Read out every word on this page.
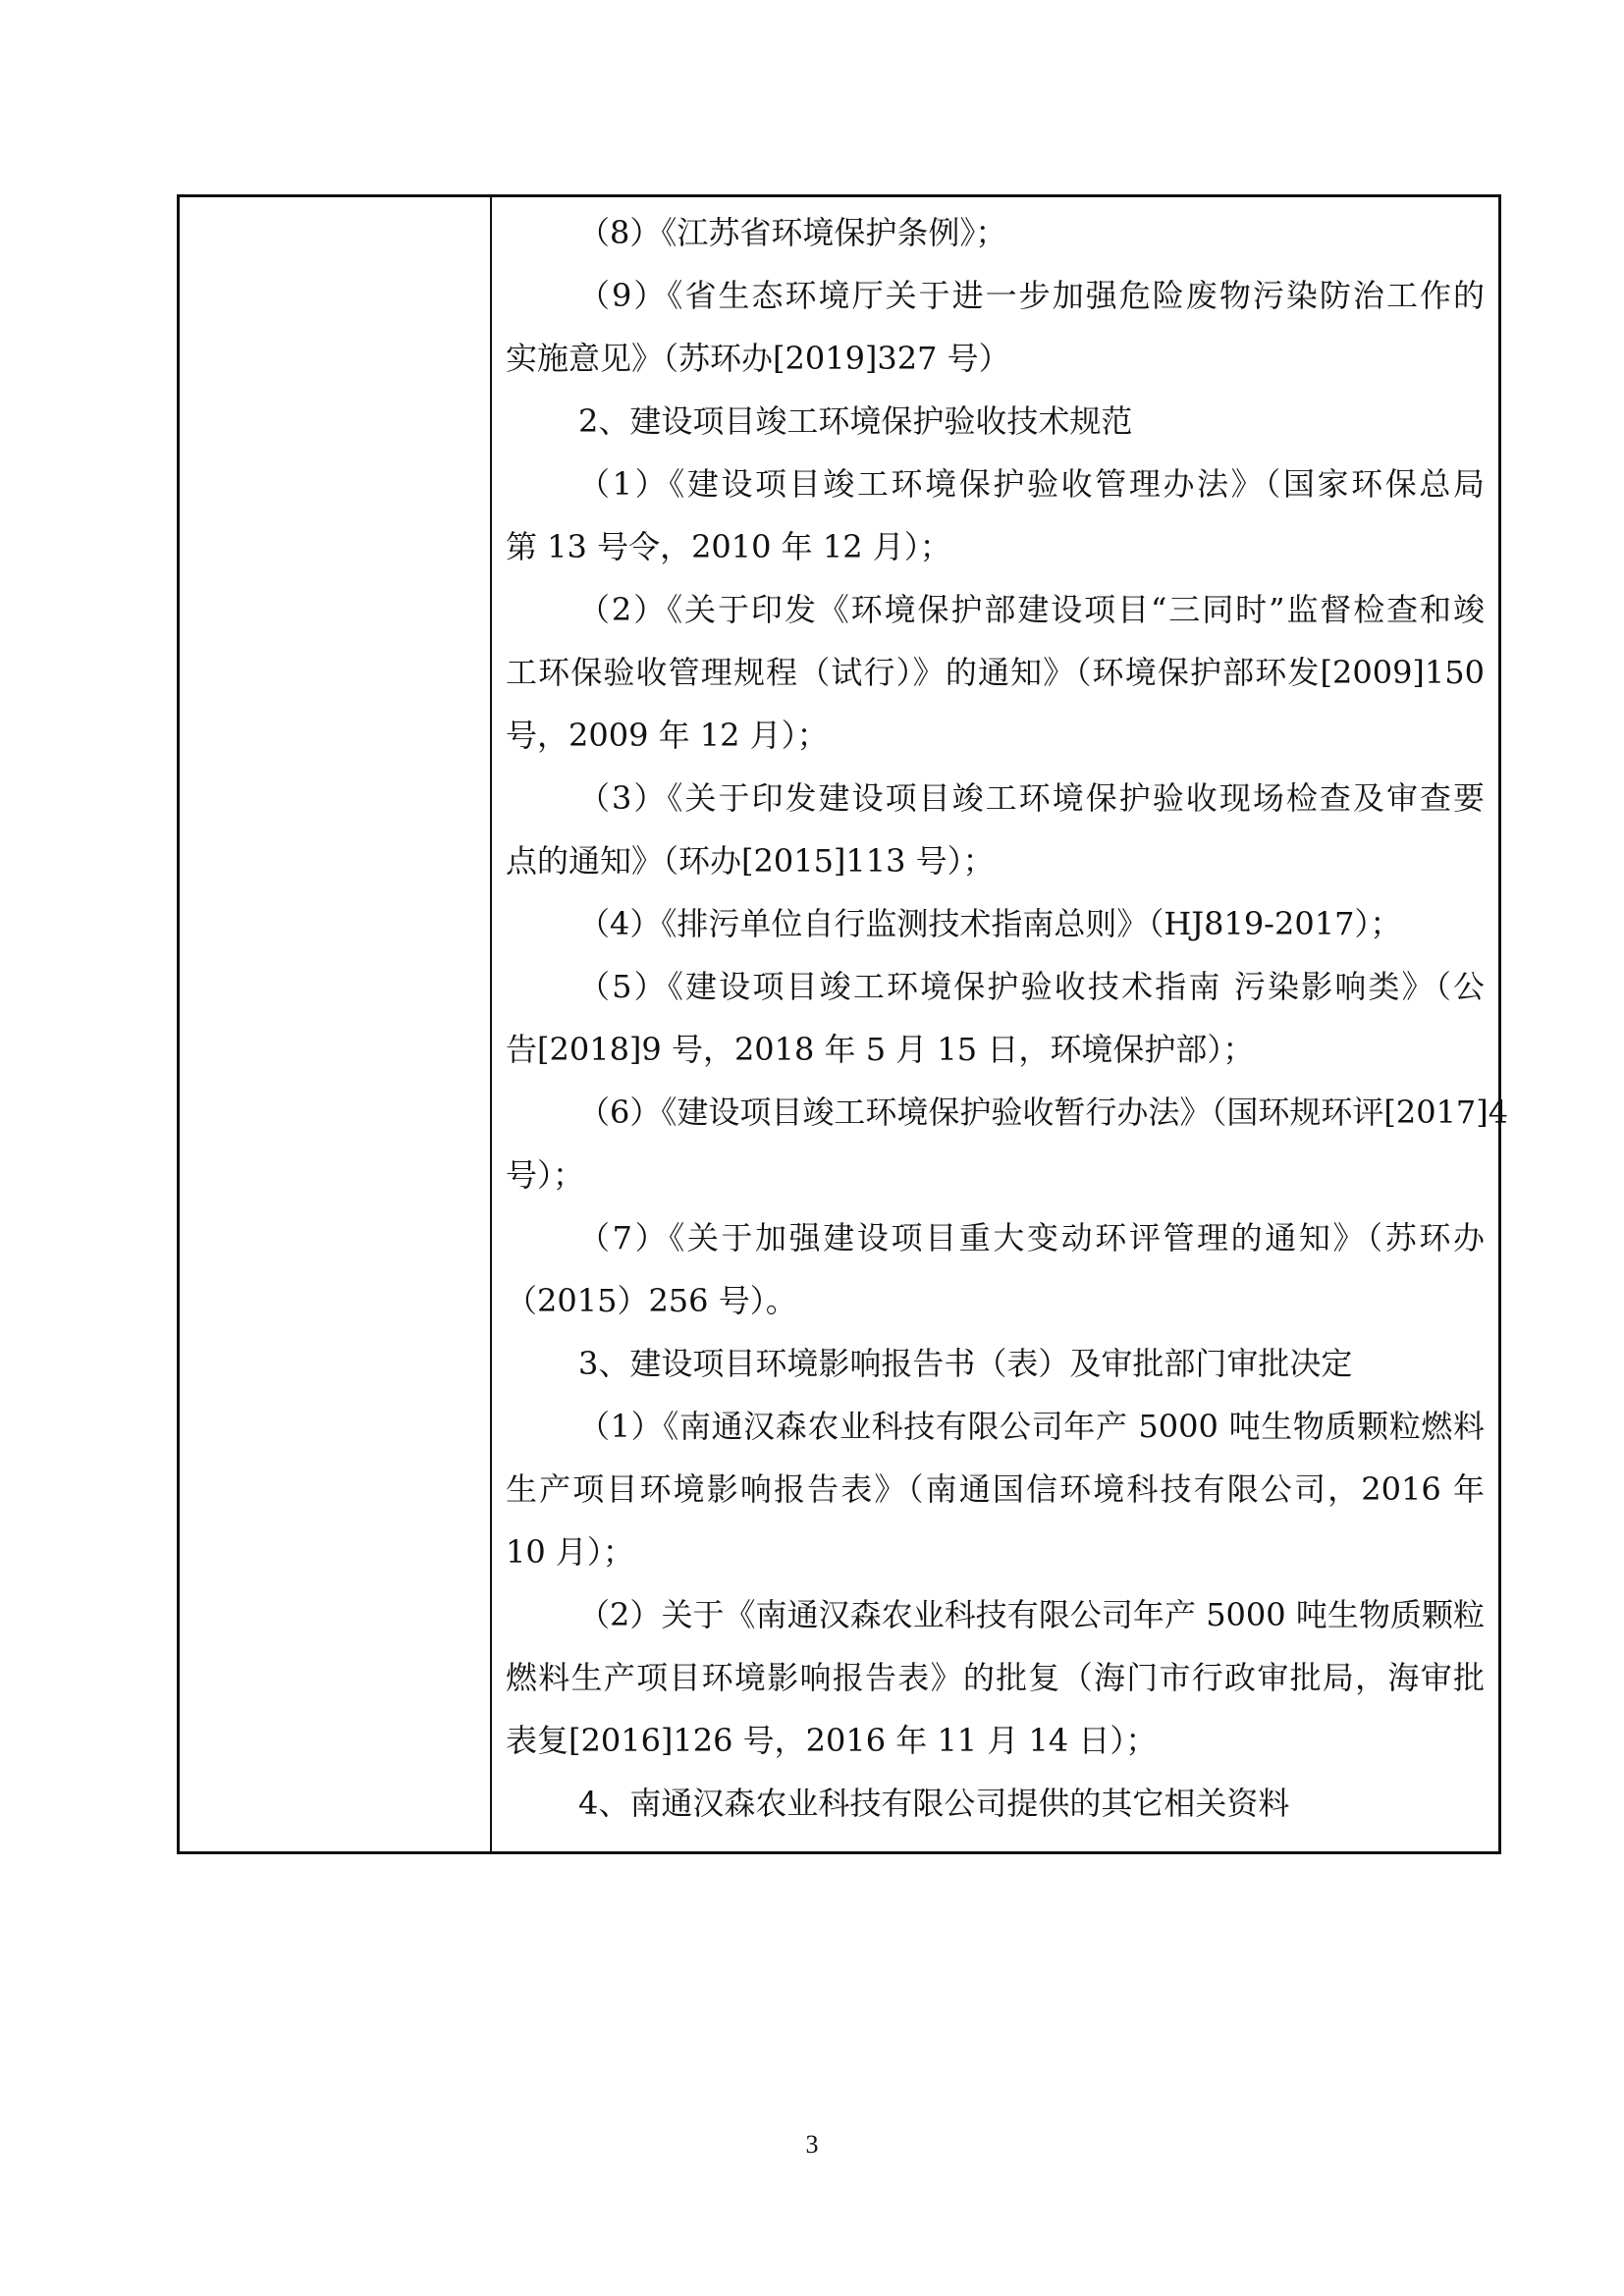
（8）《江苏省环境保护条例》；
（9）《省生态环境厅关于进一步加强危险废物污染防治工作的
实施意见》（苏环办[2019]327 号）
2、建设项目竣工环境保护验收技术规范
（1）《建设项目竣工环境保护验收管理办法》（国家环保总局
第 13 号令，2010 年 12 月）；
（2）《关于印发《环境保护部建设项目“三同时”监督检查和竣
工环保验收管理规程（试行）》的通知》（环境保护部环发[2009]150
号，2009 年 12 月）；
（3）《关于印发建设项目竣工环境保护验收现场检查及审查要
点的通知》（环办[2015]113 号）；
（4）《排污单位自行监测技术指南总则》（HJ819-2017）；
（5）《建设项目竣工环境保护验收技术指南 污染影响类》（公
告[2018]9 号，2018 年 5 月 15 日，环境保护部）；
（6）《建设项目竣工环境保护验收暂行办法》（国环规环评[2017]4
号）；
（7）《关于加强建设项目重大变动环评管理的通知》（苏环办
（2015）256 号）。
3、建设项目环境影响报告书（表）及审批部门审批决定
（1）《南通汉森农业科技有限公司年产 5000 吨生物质颗粒燃料
生产项目环境影响报告表》（南通国信环境科技有限公司，2016 年
10 月）；
（2）关于《南通汉森农业科技有限公司年产 5000 吨生物质颗粒
燃料生产项目环境影响报告表》的批复（海门市行政审批局，海审批
表复[2016]126 号，2016 年 11 月 14 日）；
4、南通汉森农业科技有限公司提供的其它相关资料
3
